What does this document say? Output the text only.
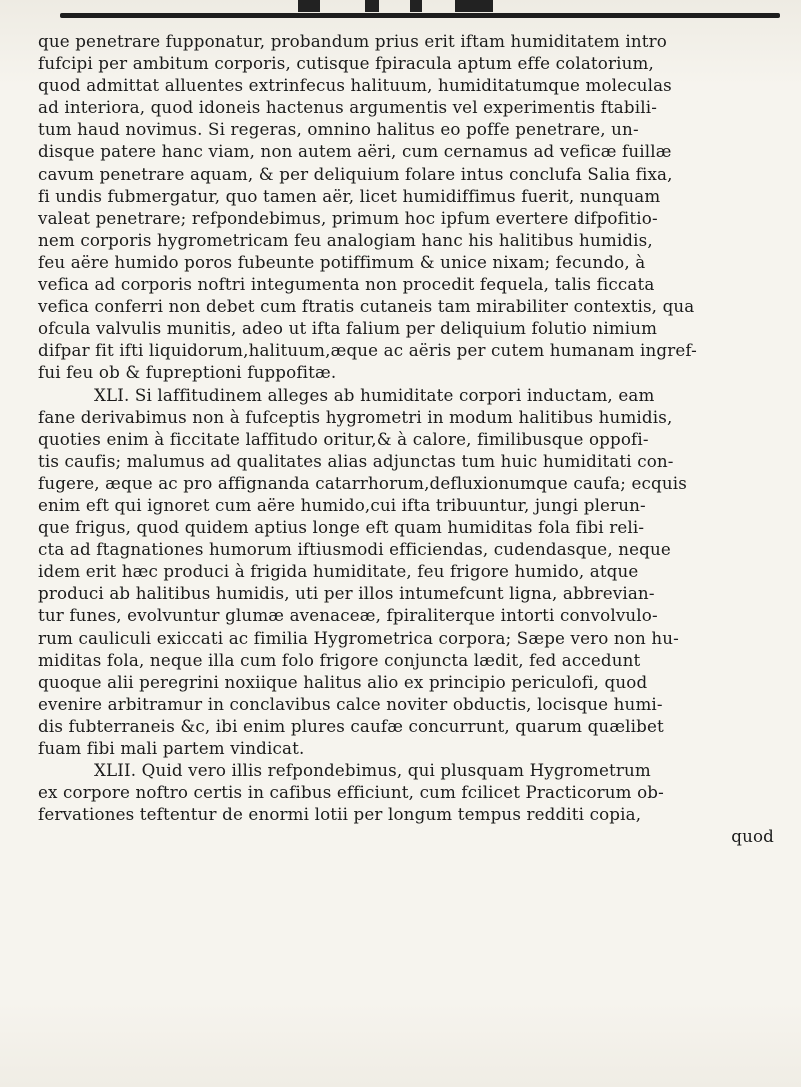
que penetrare fupponatur, probandum prius erit iftam humiditatem intro
fufcipi per ambitum corporis, cutisque fpiracula aptum effe colatorium,
quod admittat alluentes extrinfecus halituum, humiditatumque moleculas
ad interiora, quod idoneis hactenus argumentis vel experimentis ftabili-
tum haud novimus. Si regeras, omnino halitus eo poffe penetrare, un-
disque patere hanc viam, non autem aëri, cum cernamus ad veficæ fuillæ
cavum penetrare aquam, & per deliquium folare intus conclufa Salia fixa,
fi undis fubmergatur, quo tamen aër, licet humidiffimus fuerit, nunquam
valeat penetrare; refpondebimus, primum hoc ipfum evertere difpofitio-
nem corporis hygrometricam feu analogiam hanc his halitibus humidis,
feu aëre humido poros fubeunte potiffimum & unice nixam; fecundo, à
vefica ad corporis noftri integumenta non procedit fequela, talis ficcata
vefica conferri non debet cum ftratis cutaneis tam mirabiliter contextis, qua
ofcula valvulis munitis, adeo ut ifta falium per deliquium folutio nimium
difpar fit ifti liquidorum,halituum,æque ac aëris per cutem humanam ingref-
fui feu ob & fupreptioni fuppofitæ.
XLI. Si laffitudinem alleges ab humiditate corpori inductam, eam
fane derivabimus non à fufceptis hygrometri in modum halitibus humidis,
quoties enim à ficcitate laffitudo oritur,& à calore, fimilibusque oppofi-
tis caufis; malumus ad qualitates alias adjunctas tum huic humiditati con-
fugere, æque ac pro affignanda catarrhorum,defluxionumque caufa; ecquis
enim eft qui ignoret cum aëre humido,cui ifta tribuuntur, jungi plerun-
que frigus, quod quidem aptius longe eft quam humiditas fola fibi reli-
cta ad ftagnationes humorum iftiusmodi efficiendas, cudendasque, neque
idem erit hæc produci à frigida humiditate, feu frigore humido, atque
produci ab halitibus humidis, uti per illos intumefcunt ligna, abbrevian-
tur funes, evolvuntur glumæ avenaceæ, fpiraliterque intorti convolvulo-
rum cauliculi exiccati ac fimilia Hygrometrica corpora; Sæpe vero non hu-
miditas fola, neque illa cum folo frigore conjuncta lædit, fed accedunt
quoque alii peregrini noxiique halitus alio ex principio periculofi, quod
evenire arbitramur in conclavibus calce noviter obductis, locisque humi-
dis fubterraneis &c, ibi enim plures caufæ concurrunt, quarum quælibet
fuam fibi mali partem vindicat.
XLII. Quid vero illis refpondebimus, qui plusquam Hygrometrum
ex corpore noftro certis in cafibus efficiunt, cum fcilicet Practicorum ob-
fervationes teftentur de enormi lotii per longum tempus redditi copia,
quod
